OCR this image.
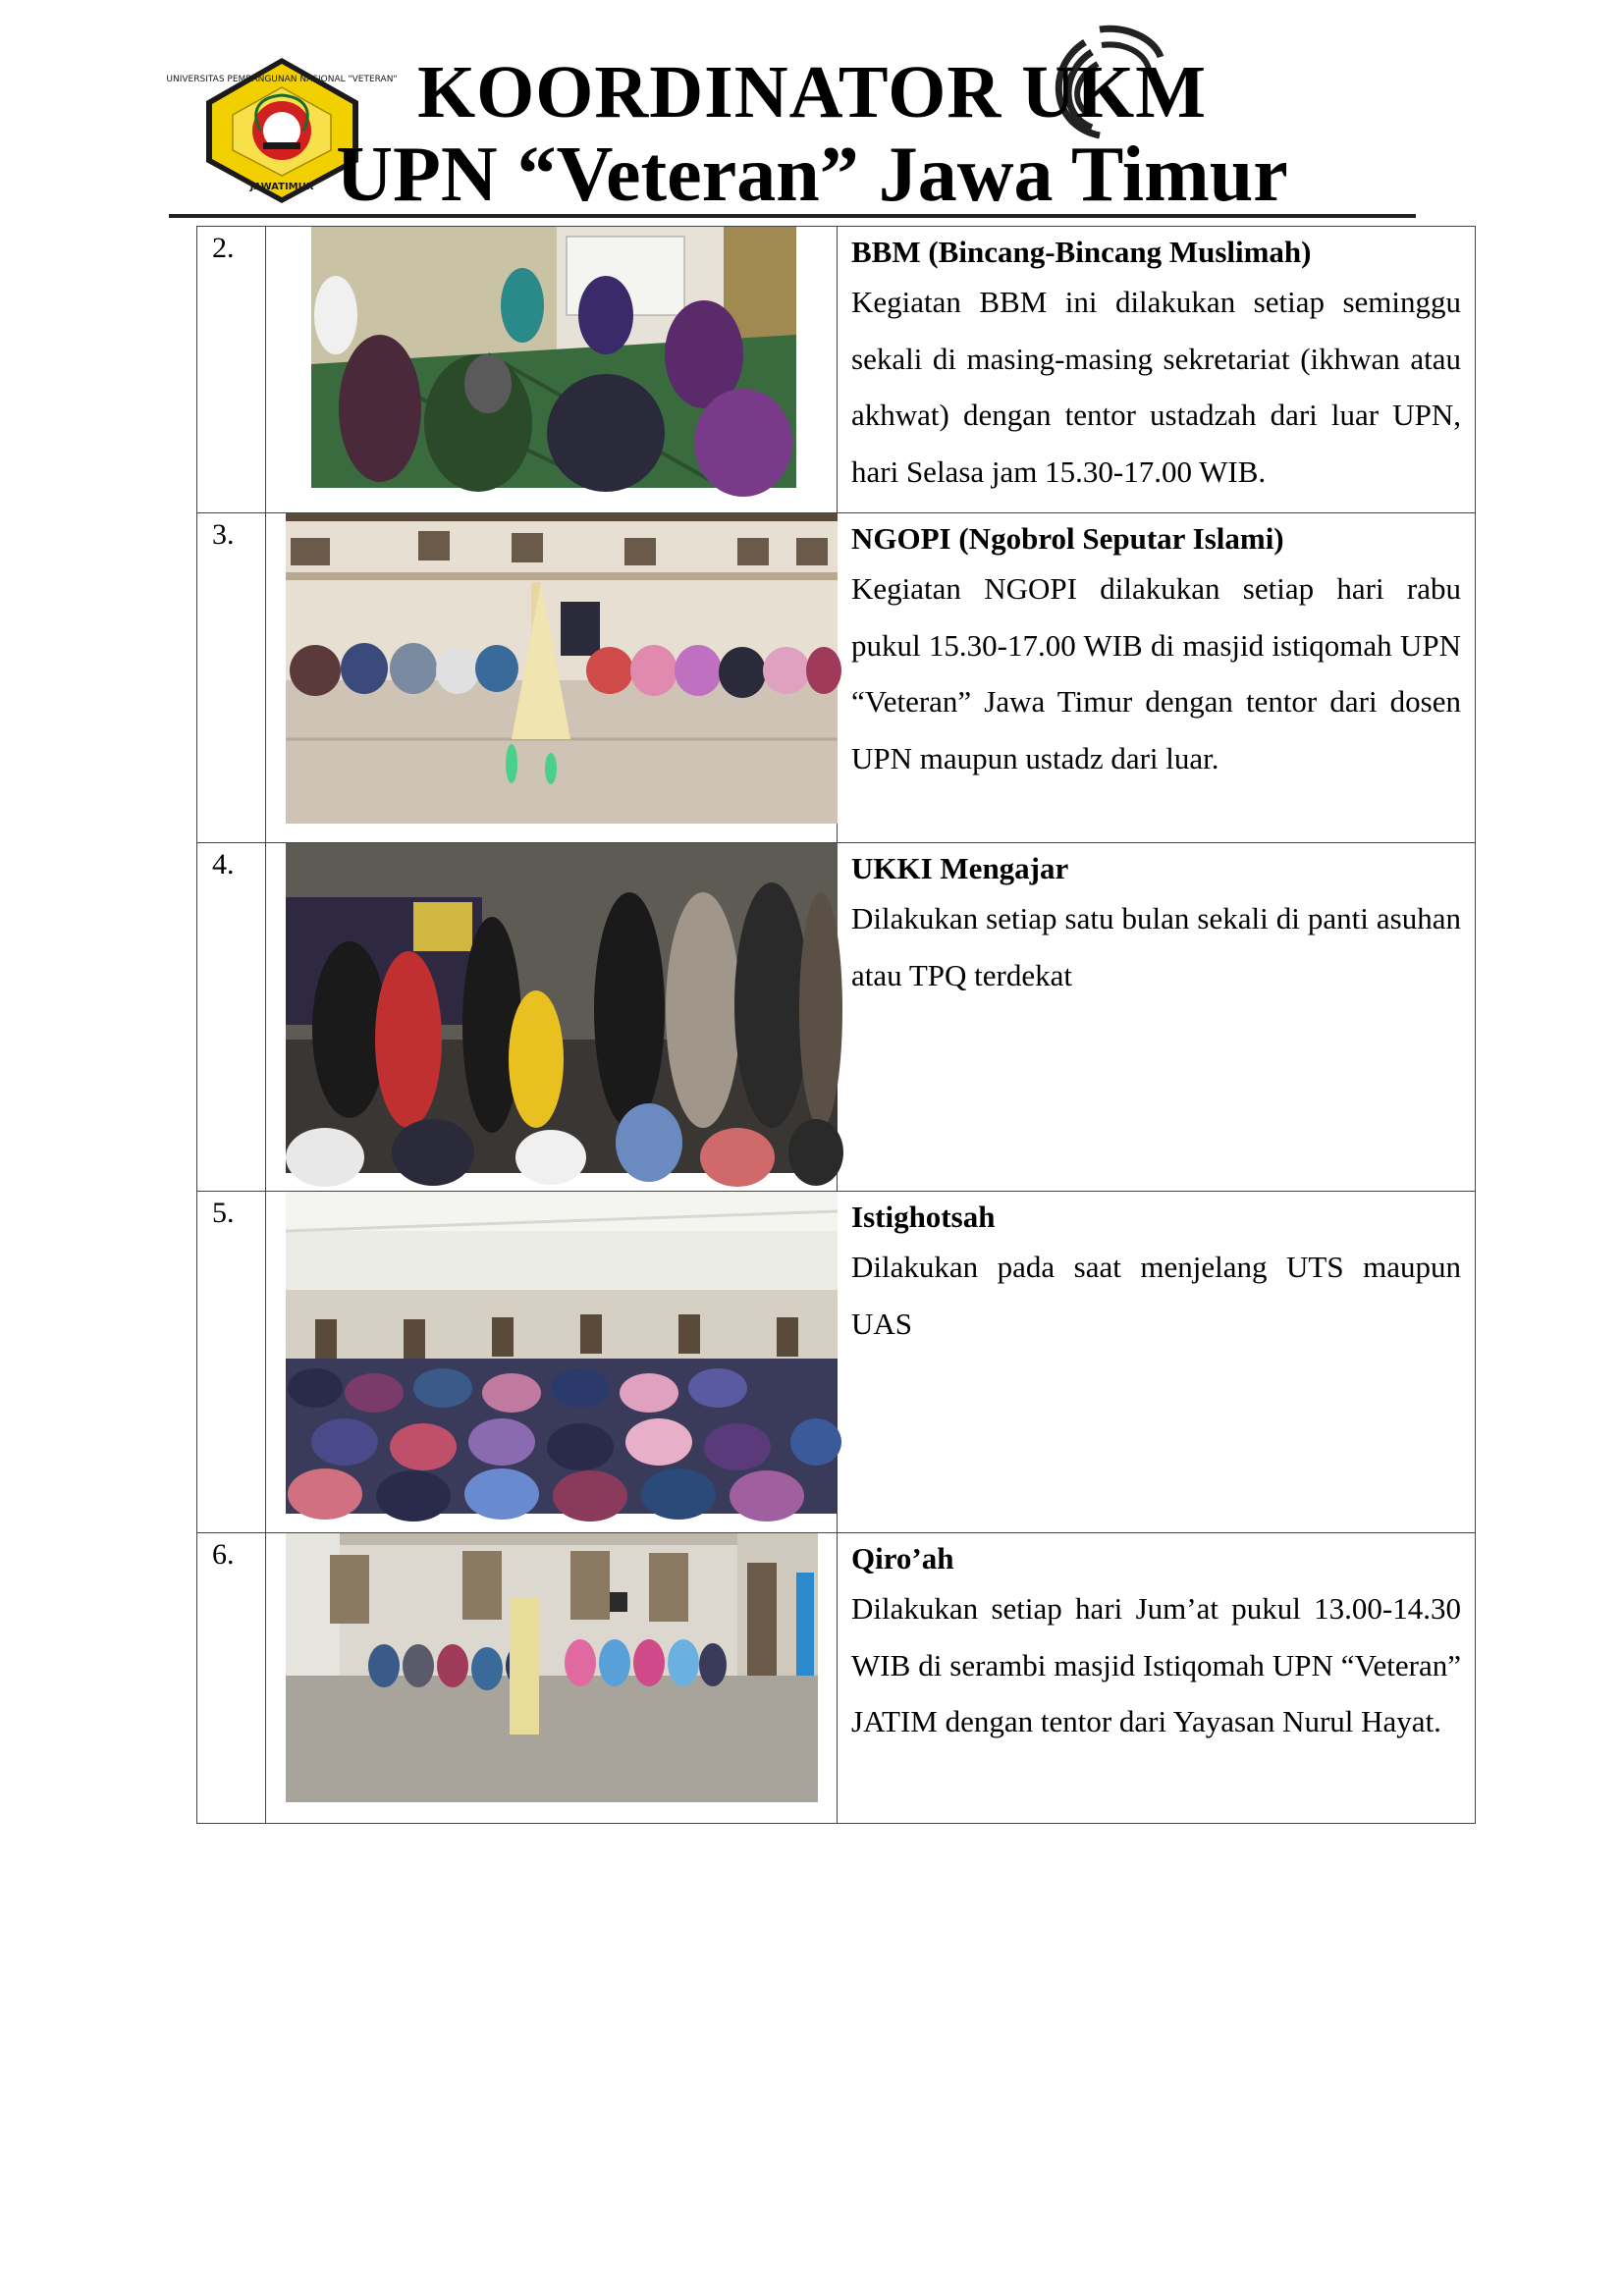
UNIVERSITAS PEMBANGUNAN NASIONAL "VETERAN"
JAWATIMUR
KOORDINATOR UKM
UPN “Veteran” Jawa Timur
2.		BBM (Bincang-Bincang Muslimah)

Kegiatan BBM ini dilakukan setiap seminggu sekali di masing-masing sekretariat (ikhwan atau akhwat) dengan tentor ustadzah dari luar UPN, hari Selasa jam 15.30-17.00 WIB.

3.		NGOPI (Ngobrol Seputar Islami)

Kegiatan NGOPI dilakukan setiap hari rabu pukul 15.30-17.00 WIB di masjid istiqomah UPN “Veteran” Jawa Timur dengan tentor dari dosen UPN maupun ustadz dari luar.

4.		UKKI Mengajar

Dilakukan setiap satu bulan sekali di panti asuhan atau TPQ terdekat

5.		Istighotsah

Dilakukan pada saat menjelang UTS maupun UAS

6.		Qiro’ah

Dilakukan setiap hari Jum’at pukul 13.00-14.30 WIB di serambi masjid Istiqomah UPN “Veteran” JATIM dengan tentor dari Yayasan Nurul Hayat.
